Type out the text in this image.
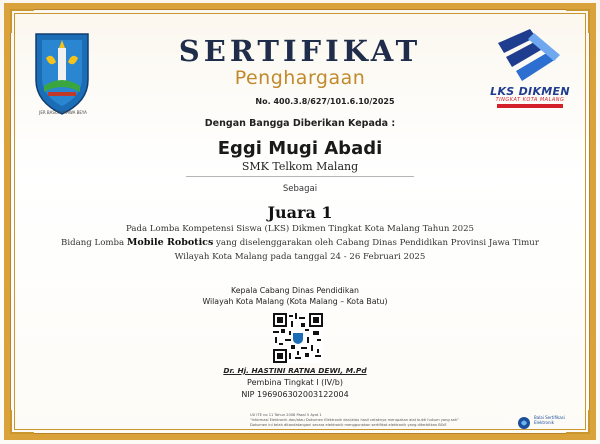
JER BASUKI MAWA BEYA
LKS DIKMEN
TINGKAT KOTA MALANG
SERTIFIKAT
Penghargaan
No. 400.3.8/627/101.6.10/2025
Dengan Bangga Diberikan Kepada :
Eggi Mugi Abadi
SMK Telkom Malang
Sebagai
Juara 1
Pada Lomba Kompetensi Siswa (LKS) Dikmen Tingkat Kota Malang Tahun 2025
Bidang Lomba Mobile Robotics yang diselenggarakan oleh Cabang Dinas Pendidikan Provinsi Jawa Timur
Wilayah Kota Malang pada tanggal 24 - 26 Februari 2025
Kepala Cabang Dinas Pendidikan
Wilayah Kota Malang (Kota Malang – Kota Batu)
Dr. Hj. HASTINI RATNA DEWI, M.Pd
Pembina Tingkat I (IV/b)
NIP 196906302003122004
UU ITE no 11 Tahun 2008 Pasal 5 Ayat 1
"Informasi Elektronik dan/atau Dokumen Elektronik dan/atau hasil cetaknya merupakan alat bukti hukum yang sah"
Dokumen ini telah ditandatangani secara elektronik menggunakan sertifikat elektronik yang diterbitkan BSrE
Balai Sertifikasi Elektronik
